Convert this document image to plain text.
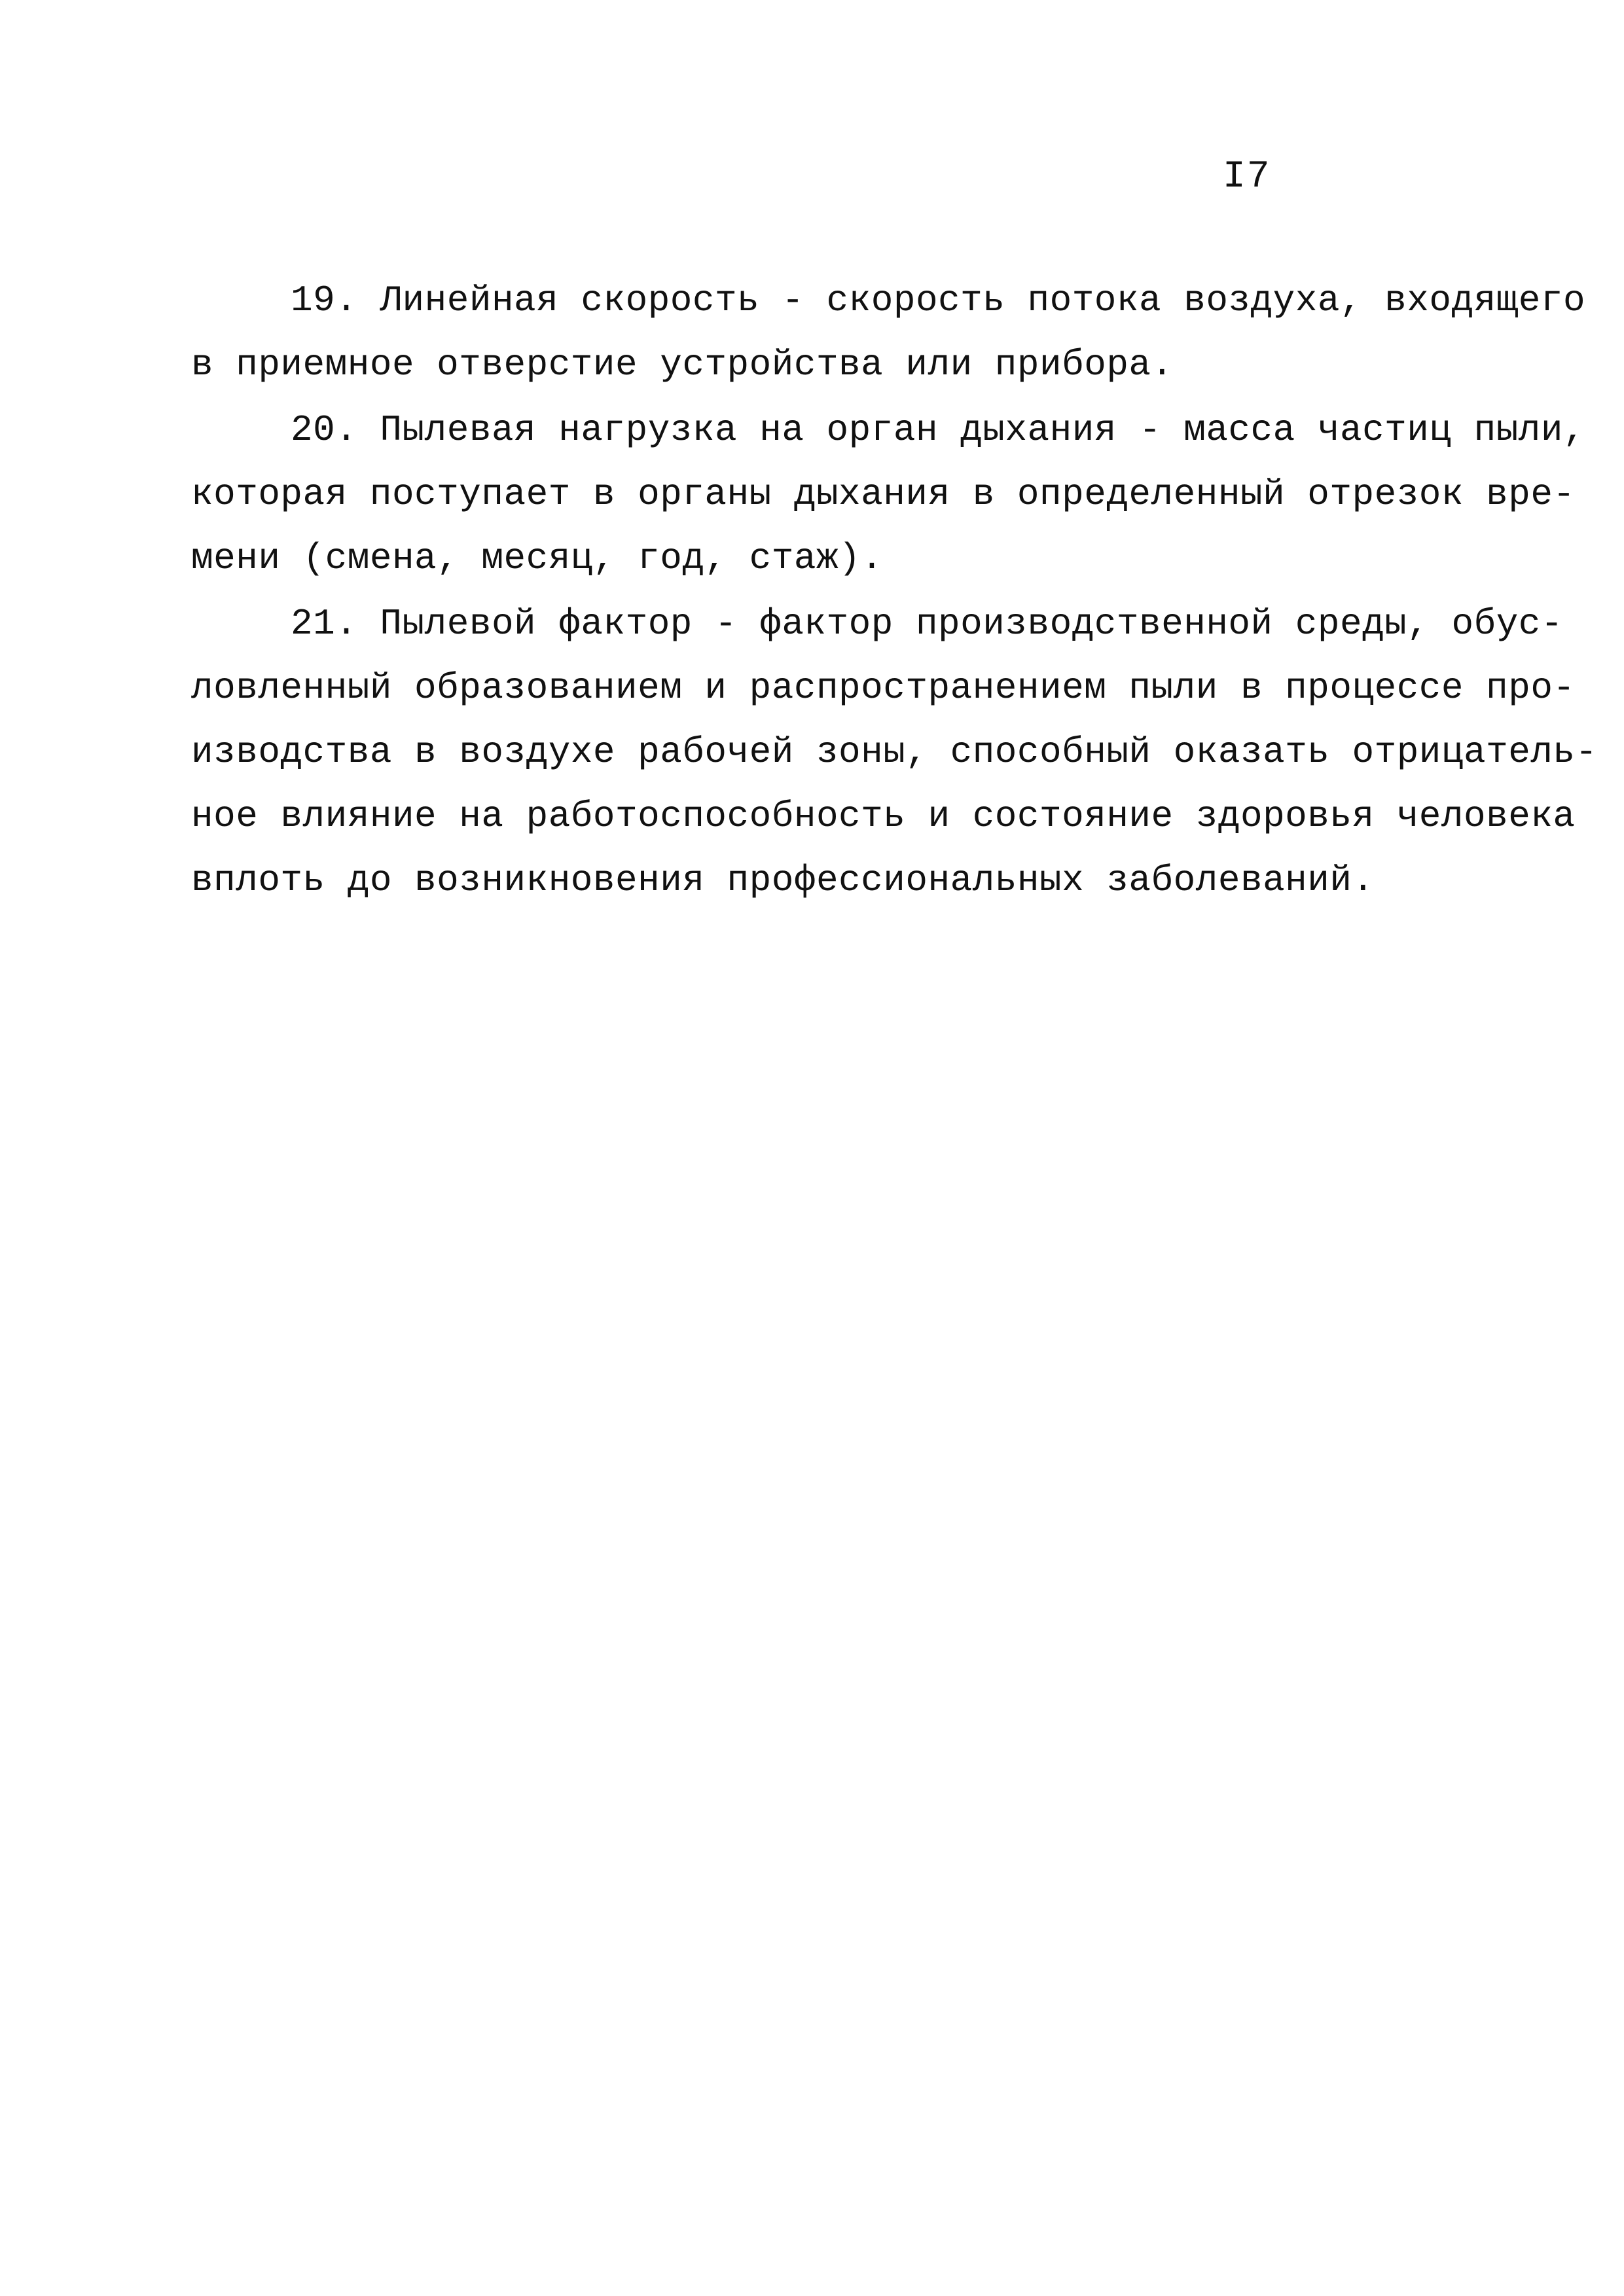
I7
19. Линейная скорость - скорость потока воздуха, входящего
в приемное отверстие устройства или прибора.
20. Пылевая нагрузка на орган дыхания - масса частиц пыли,
которая поступает в органы дыхания в определенный отрезок вре-
мени (смена, месяц, год, стаж).
21. Пылевой фактор - фактор производственной среды, обус-
ловленный образованием и распространением пыли в процессе про-
изводства в воздухе рабочей зоны, способный оказать отрицатель-
ное влияние на работоспособность и состояние здоровья человека
вплоть до возникновения профессиональных заболеваний.
